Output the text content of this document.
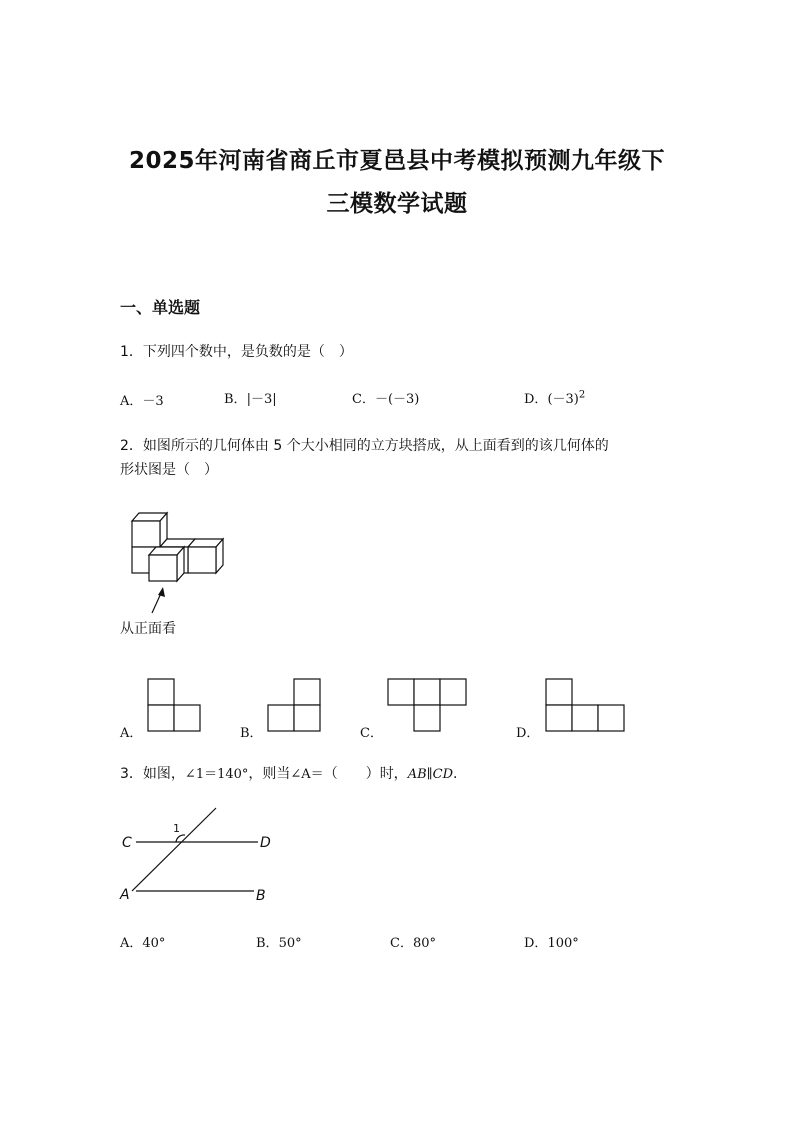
2025年河南省商丘市夏邑县中考模拟预测九年级下
三模数学试题
一、单选题
1．下列四个数中，是负数的是（　）
A．－3	B．|－3|	C．－(－3)	D．$(-3)^2$
2．如图所示的几何体由 5 个大小相同的立方块搭成，从上面看到的该几何体的
形状图是（　）
从正面看
A．	B．	C．	D．
3．如图，∠1＝140°，则当∠A＝（　　）时，AB∥CD.
C	D
A	B
1
A．40°	B．50°	C．80°	D．100°
